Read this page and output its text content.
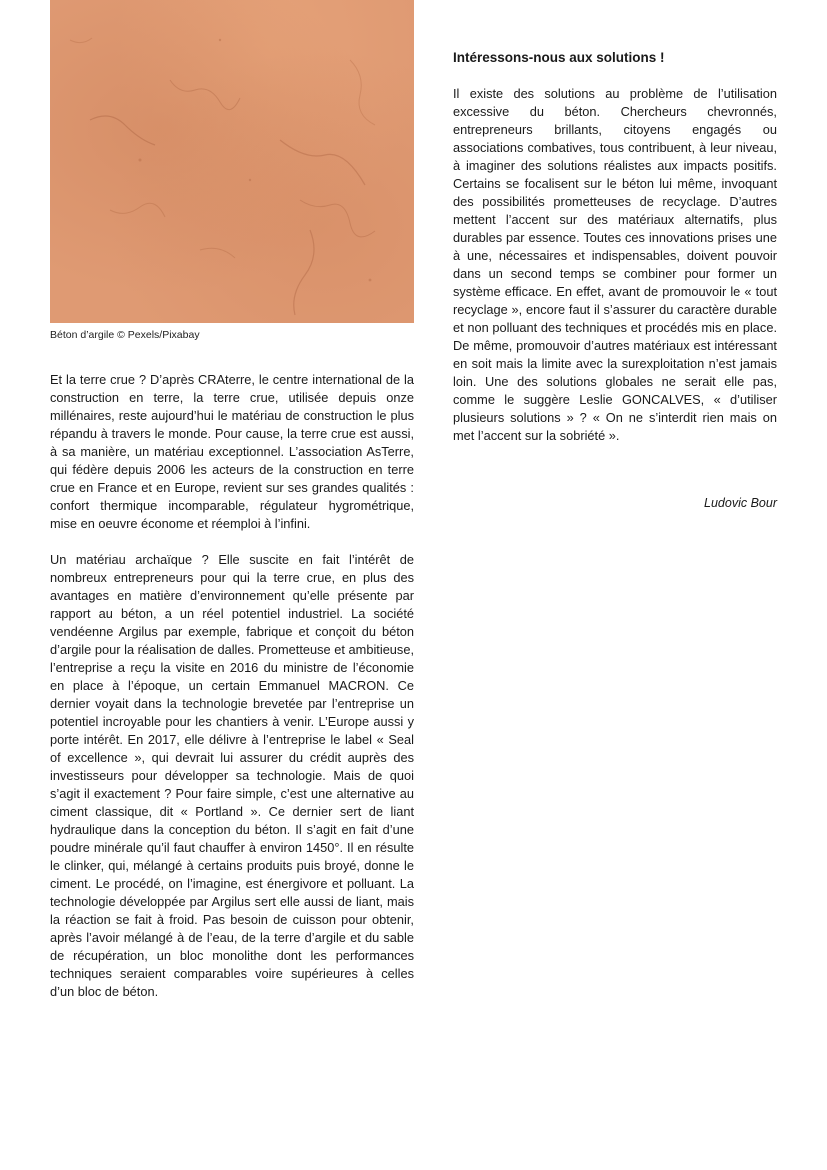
Béton d’argile © Pexels/Pixabay

Et la terre crue ? D’après CRAterre, le centre international de la construction en terre, la terre crue, utilisée depuis onze millénaires, reste aujourd’hui le matériau de construction le plus répandu à travers le monde. Pour cause, la terre crue est aussi, à sa manière, un matériau exceptionnel. L’association AsTerre, qui fédère depuis 2006 les acteurs de la construction en terre crue en France et en Europe, revient sur ses grandes qualités : confort thermique incomparable, régulateur hygrométrique, mise en oeuvre économe et réemploi à l’infini.

Un matériau archaïque ? Elle suscite en fait l’intérêt de nombreux entrepreneurs pour qui la terre crue, en plus des avantages en matière d’environnement qu’elle présente par rapport au béton, a un réel potentiel industriel. La société vendéenne Argilus par exemple, fabrique et conçoit du béton d’argile pour la réalisation de dalles. Prometteuse et ambitieuse, l’entreprise a reçu la visite en 2016 du ministre de l’économie en place à l’époque, un certain Emmanuel MACRON. Ce dernier voyait dans la technologie brevetée par l’entreprise un potentiel incroyable pour les chantiers à venir. L’Europe aussi y porte intérêt. En 2017, elle délivre à l’entreprise le label « Seal of excellence », qui devrait lui assurer du crédit auprès des investisseurs pour développer sa technologie. Mais de quoi s’agit il exactement ? Pour faire simple, c’est une alternative au ciment classique, dit « Portland ». Ce dernier sert de liant hydraulique dans la conception du béton. Il s’agit en fait d’une poudre minérale qu’il faut chauffer à environ 1450°. Il en résulte le clinker, qui, mélangé à certains produits puis broyé, donne le ciment. Le procédé, on l’imagine, est énergivore et polluant. La technologie développée par Argilus sert elle aussi de liant, mais la réaction se fait à froid. Pas besoin de cuisson pour obtenir, après l’avoir mélangé à de l’eau, de la terre d’argile et du sable de récupération, un bloc monolithe dont les performances techniques seraient comparables voire supérieures à celles d’un bloc de béton.

Intéressons-nous aux solutions !

Il existe des solutions au problème de l’utilisation excessive du béton. Chercheurs chevronnés, entrepreneurs brillants, citoyens engagés ou associations combatives, tous contribuent, à leur niveau, à imaginer des solutions réalistes aux impacts positifs. Certains se focalisent sur le béton lui même, invoquant des possibilités prometteuses de recyclage. D’autres mettent l’accent sur des matériaux alternatifs, plus durables par essence. Toutes ces innovations prises une à une, nécessaires et indispensables, doivent pouvoir dans un second temps se combiner pour former un système efficace. En effet, avant de promouvoir le « tout recyclage », encore faut il s’assurer du caractère durable et non polluant des techniques et procédés mis en place. De même, promouvoir d’autres matériaux est intéressant en soit mais la limite avec la surexploitation n’est jamais loin. Une des solutions globales ne serait elle pas, comme le suggère Leslie GONCALVES, « d’utiliser plusieurs solutions » ? « On ne s’interdit rien mais on met l’accent sur la sobriété ».

Ludovic Bour
